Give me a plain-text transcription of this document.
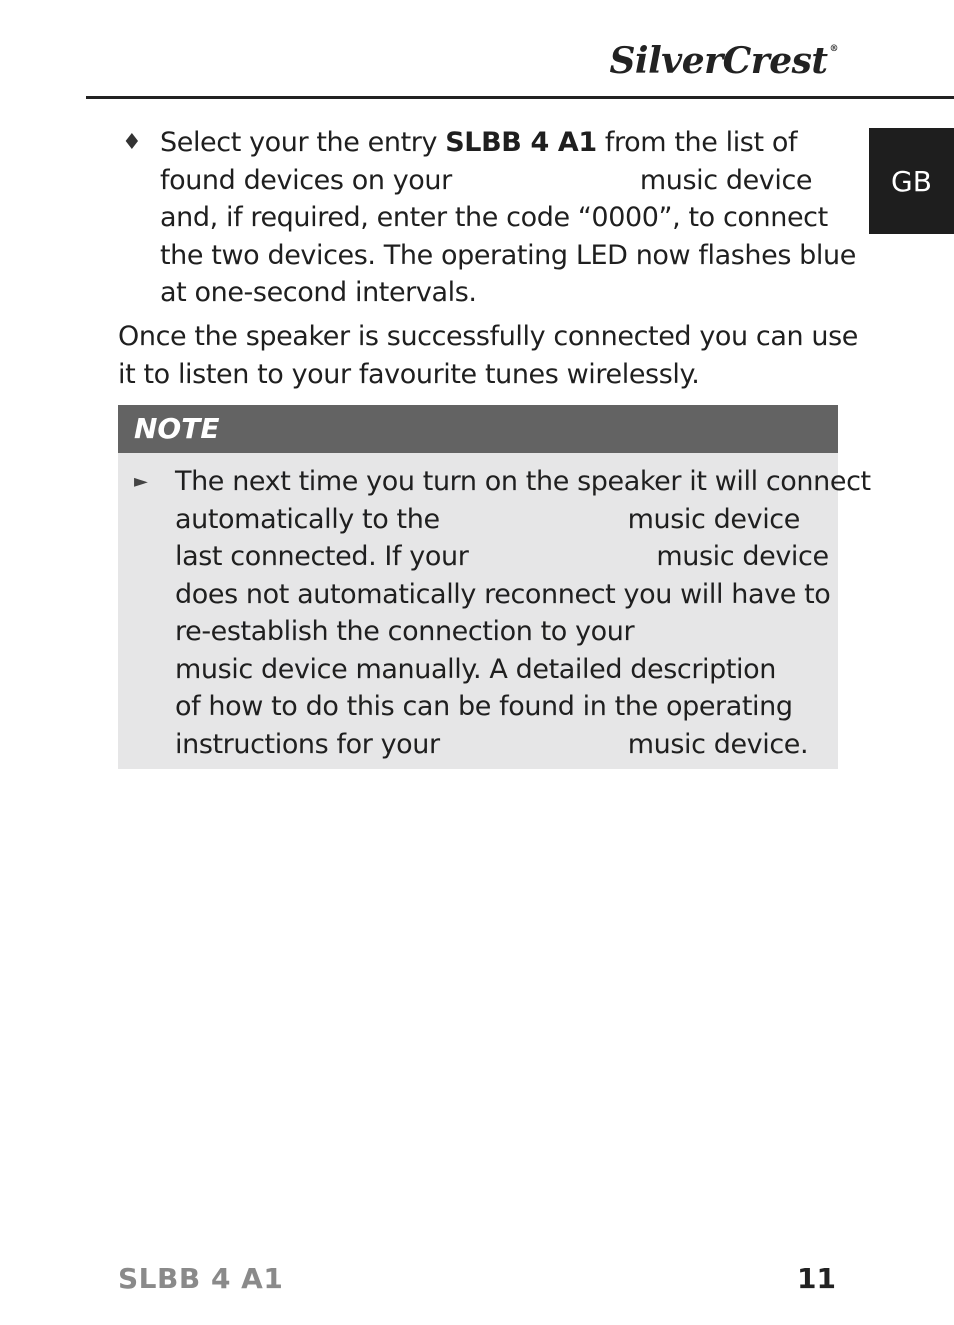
SilverCrest ®
GB
♦ Select your the entry SLBB 4 A1 from the list of
found devices on your	music device
and, if required, enter the code “0000”, to connect
the two devices. The operating LED now flashes blue
at one-second intervals.
Once the speaker is successfully connected you can use
it to listen to your favourite tunes wirelessly.
NOTE
► The next time you turn on the speaker it will connect
automatically to the	music device
last connected. If your	music device
does not automatically reconnect you will have to
re-establish the connection to your
music device manually. A detailed description
of how to do this can be found in the operating
instructions for your	music device.
SLBB 4 A1	11
